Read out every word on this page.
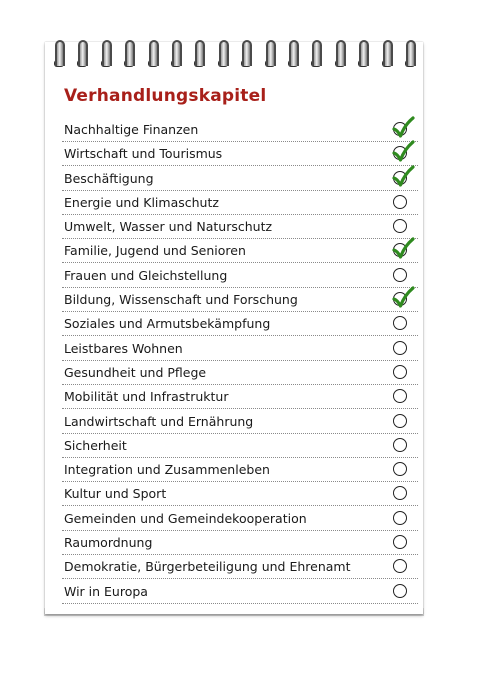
Verhandlungskapitel
Nachhaltige Finanzen
Wirtschaft und Tourismus
Beschäftigung
Energie und Klimaschutz
Umwelt, Wasser und Naturschutz
Familie, Jugend und Senioren
Frauen und Gleichstellung
Bildung, Wissenschaft und Forschung
Soziales und Armutsbekämpfung
Leistbares Wohnen
Gesundheit und Pflege
Mobilität und Infrastruktur
Landwirtschaft und Ernährung
Sicherheit
Integration und Zusammenleben
Kultur und Sport
Gemeinden und Gemeindekooperation
Raumordnung
Demokratie, Bürgerbeteiligung und Ehrenamt
Wir in Europa
